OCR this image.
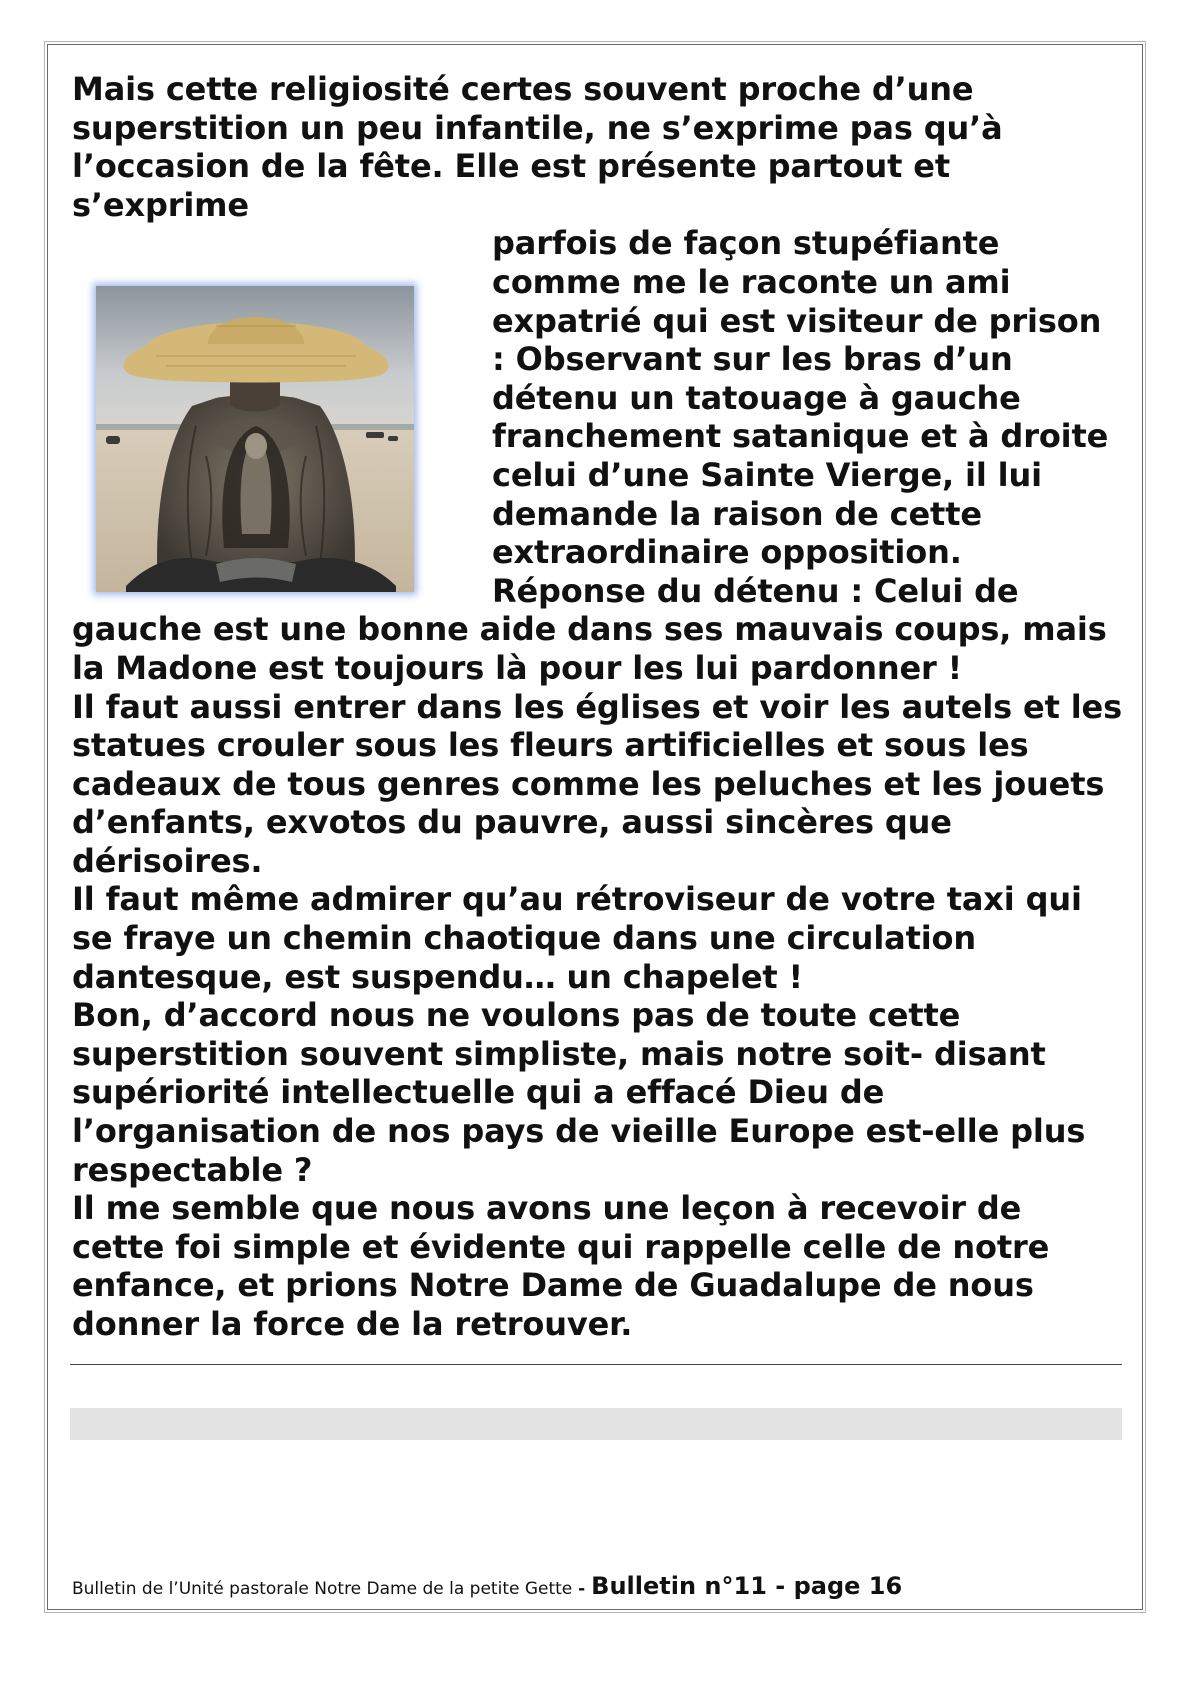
Mais cette religiosité certes souvent proche d’une superstition un peu infantile, ne s’exprime pas qu’à l’occasion de la fête. Elle est présente partout et s’exprime

parfois de façon stupéfiante comme me le raconte un ami expatrié qui est visiteur de prison : Observant sur les bras d’un détenu un tatouage à gauche franchement satanique et à droite celui d’une Sainte Vierge, il lui demande la raison de cette extraordinaire opposition. Réponse du détenu : Celui de gauche est une bonne aide dans ses mauvais coups, mais la Madone est toujours là pour les lui pardonner !

Il faut aussi entrer dans les églises et voir les autels et les statues crouler sous les fleurs artificielles et sous les cadeaux de tous genres comme les peluches et les jouets d’enfants, exvotos du pauvre, aussi sincères que dérisoires.

Il faut même admirer qu’au rétroviseur de votre taxi qui se fraye un chemin chaotique dans une circulation dantesque, est suspendu… un chapelet !

Bon, d’accord nous ne voulons pas de toute cette superstition souvent simpliste, mais notre soit- disant supériorité intellectuelle qui a effacé Dieu de l’organisation de nos pays de vieille Europe est-elle plus respectable ?

Il me semble que nous avons une leçon à recevoir de cette foi simple et évidente qui rappelle celle de notre enfance, et prions Notre Dame de Guadalupe de nous donner la force de la retrouver.

Bulletin de l’Unité pastorale Notre Dame de la petite Gette - Bulletin n°11 - page 16
